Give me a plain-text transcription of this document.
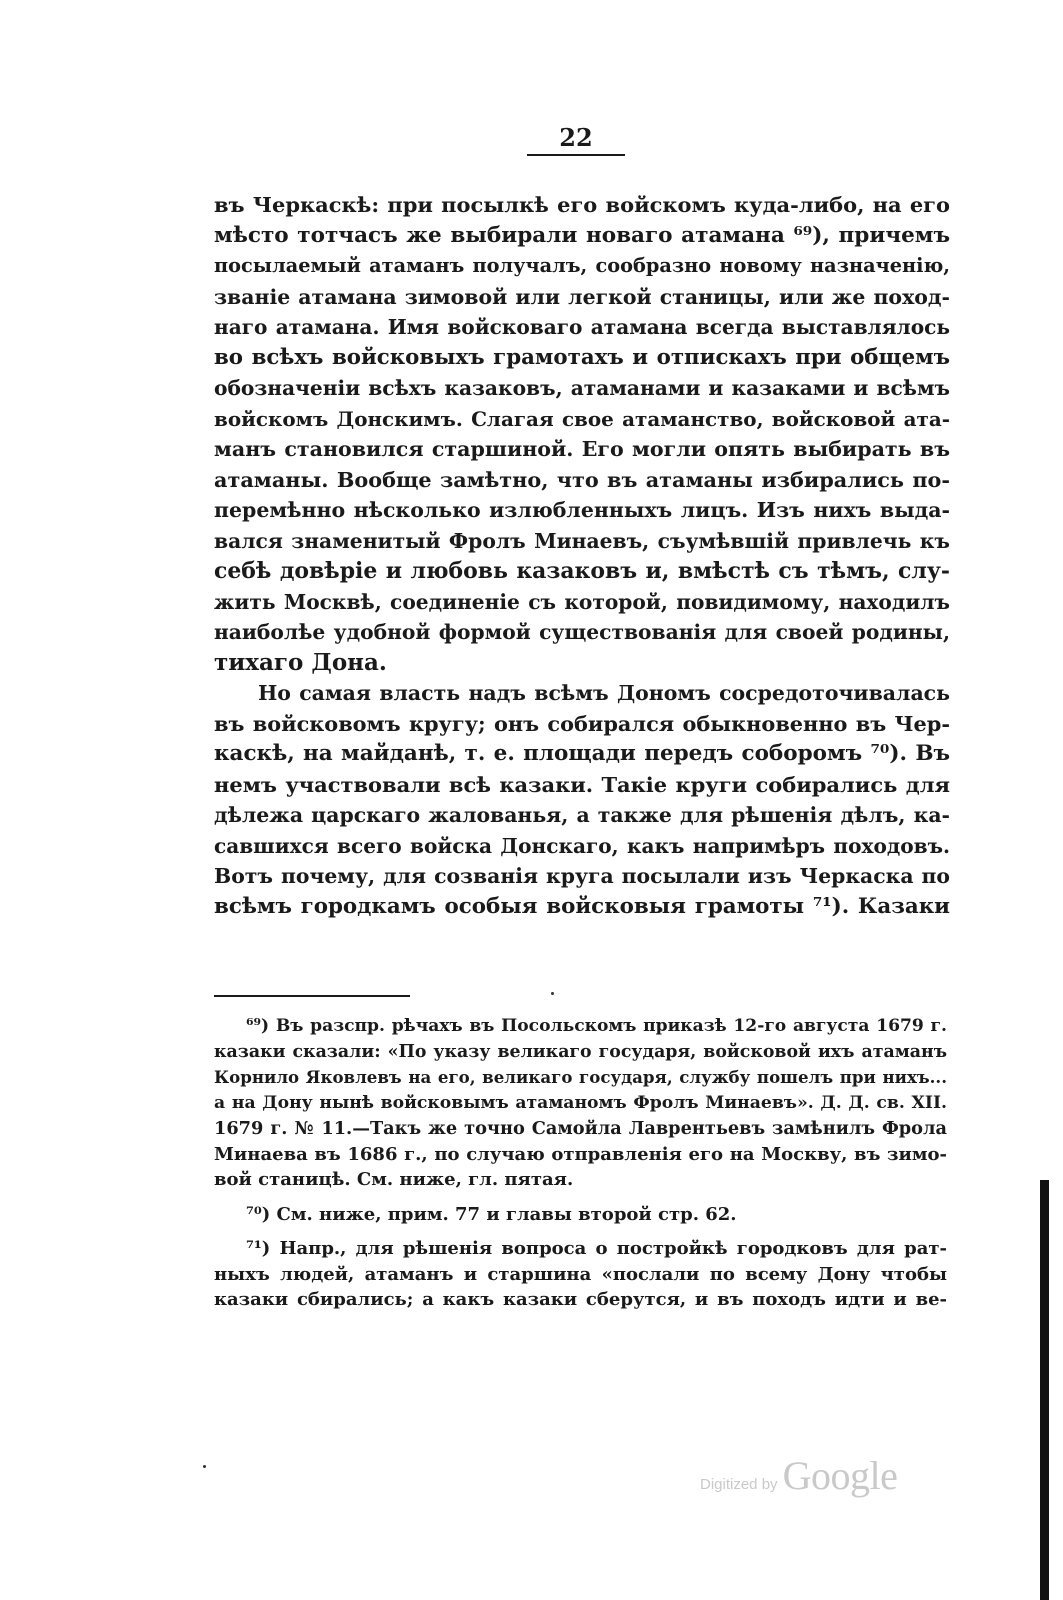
22
въ Черкаскѣ: при посылкѣ его войскомъ куда-либо, на его
мѣсто тотчасъ же выбирали новаго атамана ⁶⁹), причемъ
посылаемый атаманъ получалъ, сообразно новому назначенію,
званіе атамана зимовой или легкой станицы, или же поход-
наго атамана. Имя войсковаго атамана всегда выставлялось
во всѣхъ войсковыхъ грамотахъ и отпискахъ при общемъ
обозначеніи всѣхъ казаковъ, атаманами и казаками и всѣмъ
войскомъ Донскимъ. Слагая свое атаманство, войсковой ата-
манъ становился старшиной. Его могли опять выбирать въ
атаманы. Вообще замѣтно, что въ атаманы избирались по-
перемѣнно нѣсколько излюбленныхъ лицъ. Изъ нихъ выда-
вался знаменитый Фролъ Минаевъ, съумѣвшій привлечь къ
себѣ довѣріе и любовь казаковъ и, вмѣстѣ съ тѣмъ, слу-
жить Москвѣ, соединеніе съ которой, повидимому, находилъ
наиболѣе удобной формой существованія для своей родины,
тихаго Дона.
Но самая власть надъ всѣмъ Дономъ сосредоточивалась
въ войсковомъ кругу; онъ собирался обыкновенно въ Чер-
каскѣ, на майданѣ, т. е. площади передъ соборомъ ⁷⁰). Въ
немъ участвовали всѣ казаки. Такіе круги собирались для
дѣлежа царскаго жалованья, а также для рѣшенія дѣлъ, ка-
савшихся всего войска Донскаго, какъ напримѣръ походовъ.
Вотъ почему, для созванія круга посылали изъ Черкаска по
всѣмъ городкамъ особыя войсковыя грамоты ⁷¹). Казаки
⁶⁹) Въ разспр. рѣчахъ въ Посольскомъ приказѣ 12-го августа 1679 г.
казаки сказали: «По указу великаго государя, войсковой ихъ атаманъ
Корнило Яковлевъ на его, великаго государя, службу пошелъ при нихъ...
а на Дону нынѣ войсковымъ атаманомъ Фролъ Минаевъ». Д. Д. св. XII.
1679 г. № 11.—Такъ же точно Самойла Лаврентьевъ замѣнилъ Фрола
Минаева въ 1686 г., по случаю отправленія его на Москву, въ зимо-
вой станицѣ. См. ниже, гл. пятая.
⁷⁰) См. ниже, прим. 77 и главы второй стр. 62.
⁷¹) Напр., для рѣшенія вопроса о постройкѣ городковъ для рат-
ныхъ людей, атаманъ и старшина «послали по всему Дону чтобы
казаки сбирались; а какъ казаки сберутся, и въ походъ идти и ве-
Digitized by Google
